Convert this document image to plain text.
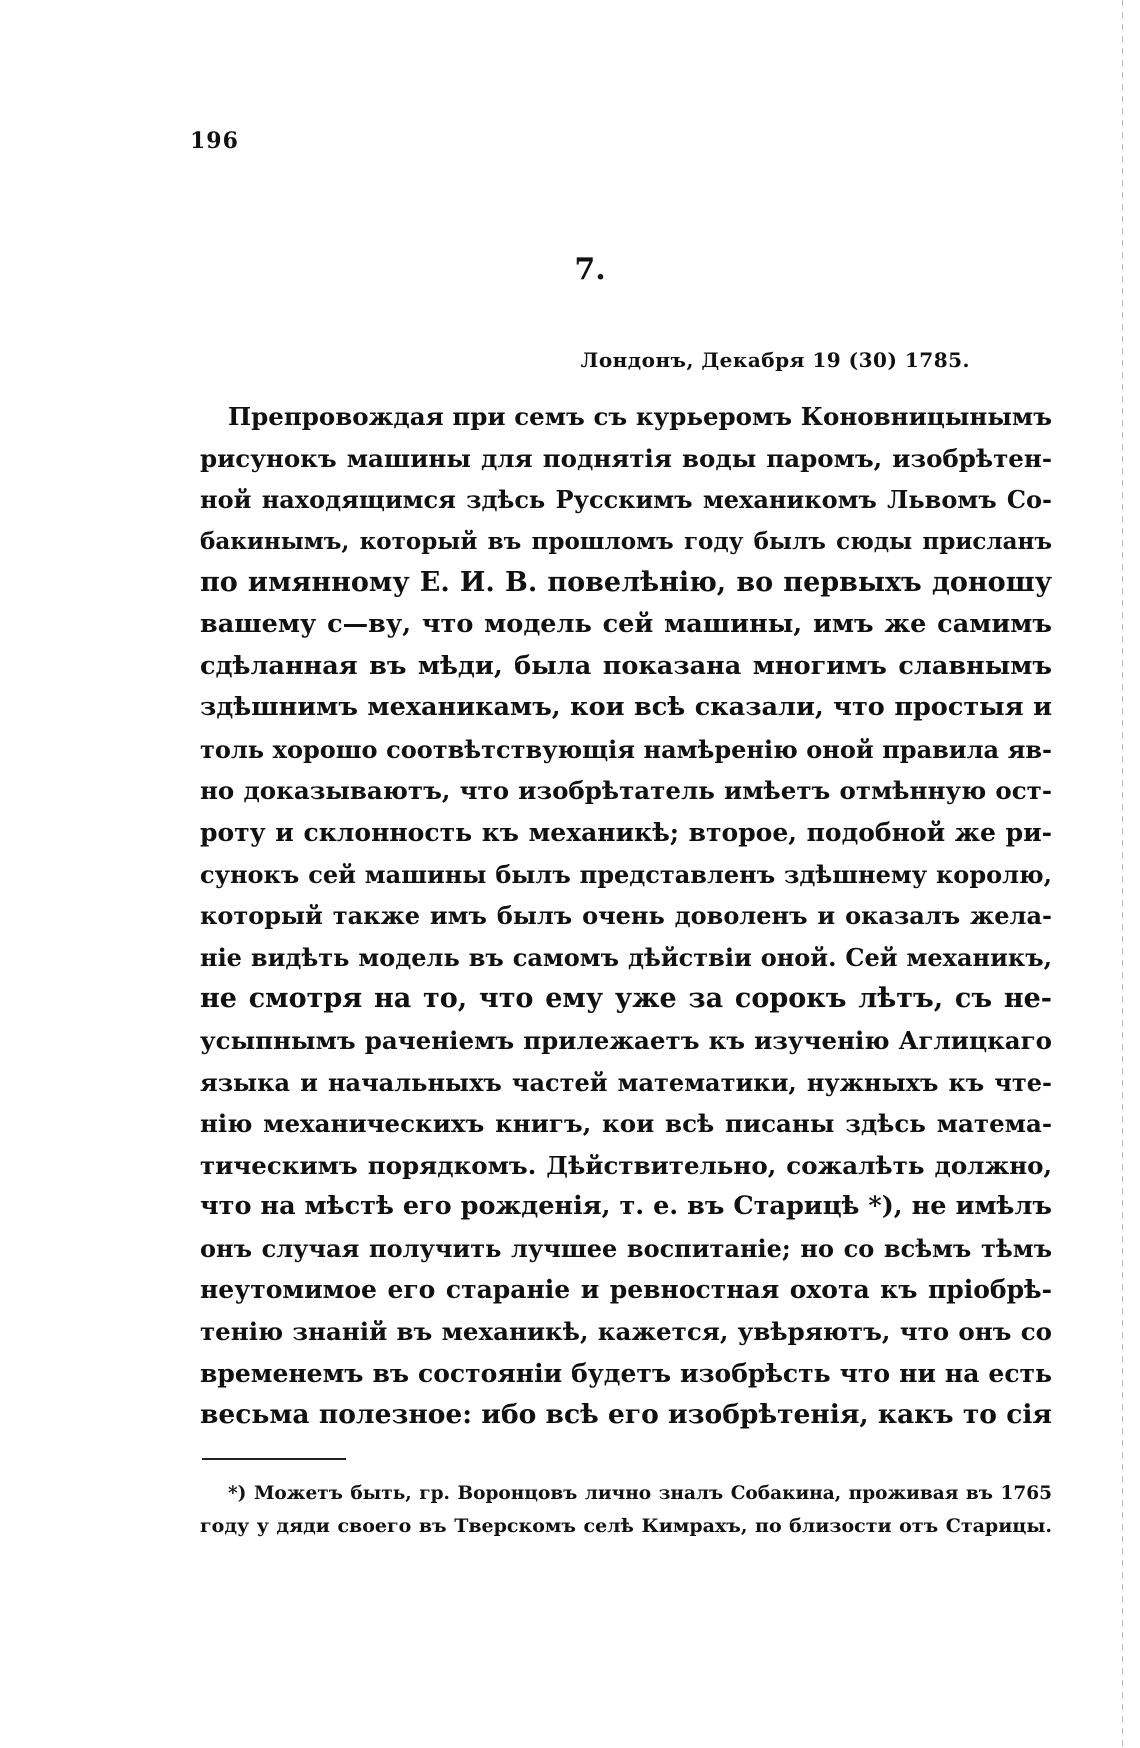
196
7.
Лондонъ, Декабря 19 (30) 1785.
Препровождая при семъ съ курьеромъ Коновницынымъ
рисунокъ машины для поднятія воды паромъ, изобрѣтен-
ной находящимся здѣсь Русскимъ механикомъ Львомъ Со-
бакинымъ, который въ прошломъ году былъ сюды присланъ
по имянному Е. И. В. повелѣнію, во первыхъ доношу
вашему с—ву, что модель сей машины, имъ же самимъ
сдѣланная въ мѣди, была показана многимъ славнымъ
здѣшнимъ механикамъ, кои всѣ сказали, что простыя и
толь хорошо соотвѣтствующія намѣренію оной правила яв-
но доказываютъ, что изобрѣтатель имѣетъ отмѣнную ост-
роту и склонность къ механикѣ; второе, подобной же ри-
сунокъ сей машины былъ представленъ здѣшнему королю,
который также имъ былъ очень доволенъ и оказалъ жела-
ніе видѣть модель въ самомъ дѣйствіи оной. Сей механикъ,
не смотря на то, что ему уже за сорокъ лѣтъ, съ не-
усыпнымъ раченіемъ прилежаетъ къ изученію Аглицкаго
языка и начальныхъ частей математики, нужныхъ къ чте-
нію механическихъ книгъ, кои всѣ писаны здѣсь матема-
тическимъ порядкомъ. Дѣйствительно, сожалѣть должно,
что на мѣстѣ его рожденія, т. е. въ Старицѣ *), не имѣлъ
онъ случая получить лучшее воспитаніе; но со всѣмъ тѣмъ
неутомимое его стараніе и ревностная охота къ пріобрѣ-
тенію знаній въ механикѣ, кажется, увѣряютъ, что онъ со
временемъ въ состояніи будетъ изобрѣсть что ни на есть
весьма полезное: ибо всѣ его изобрѣтенія, какъ то сія
*) Можетъ быть, гр. Воронцовъ лично зналъ Собакина, проживая въ 1765
году у дяди своего въ Тверскомъ селѣ Кимрахъ, по близости отъ Старицы.
